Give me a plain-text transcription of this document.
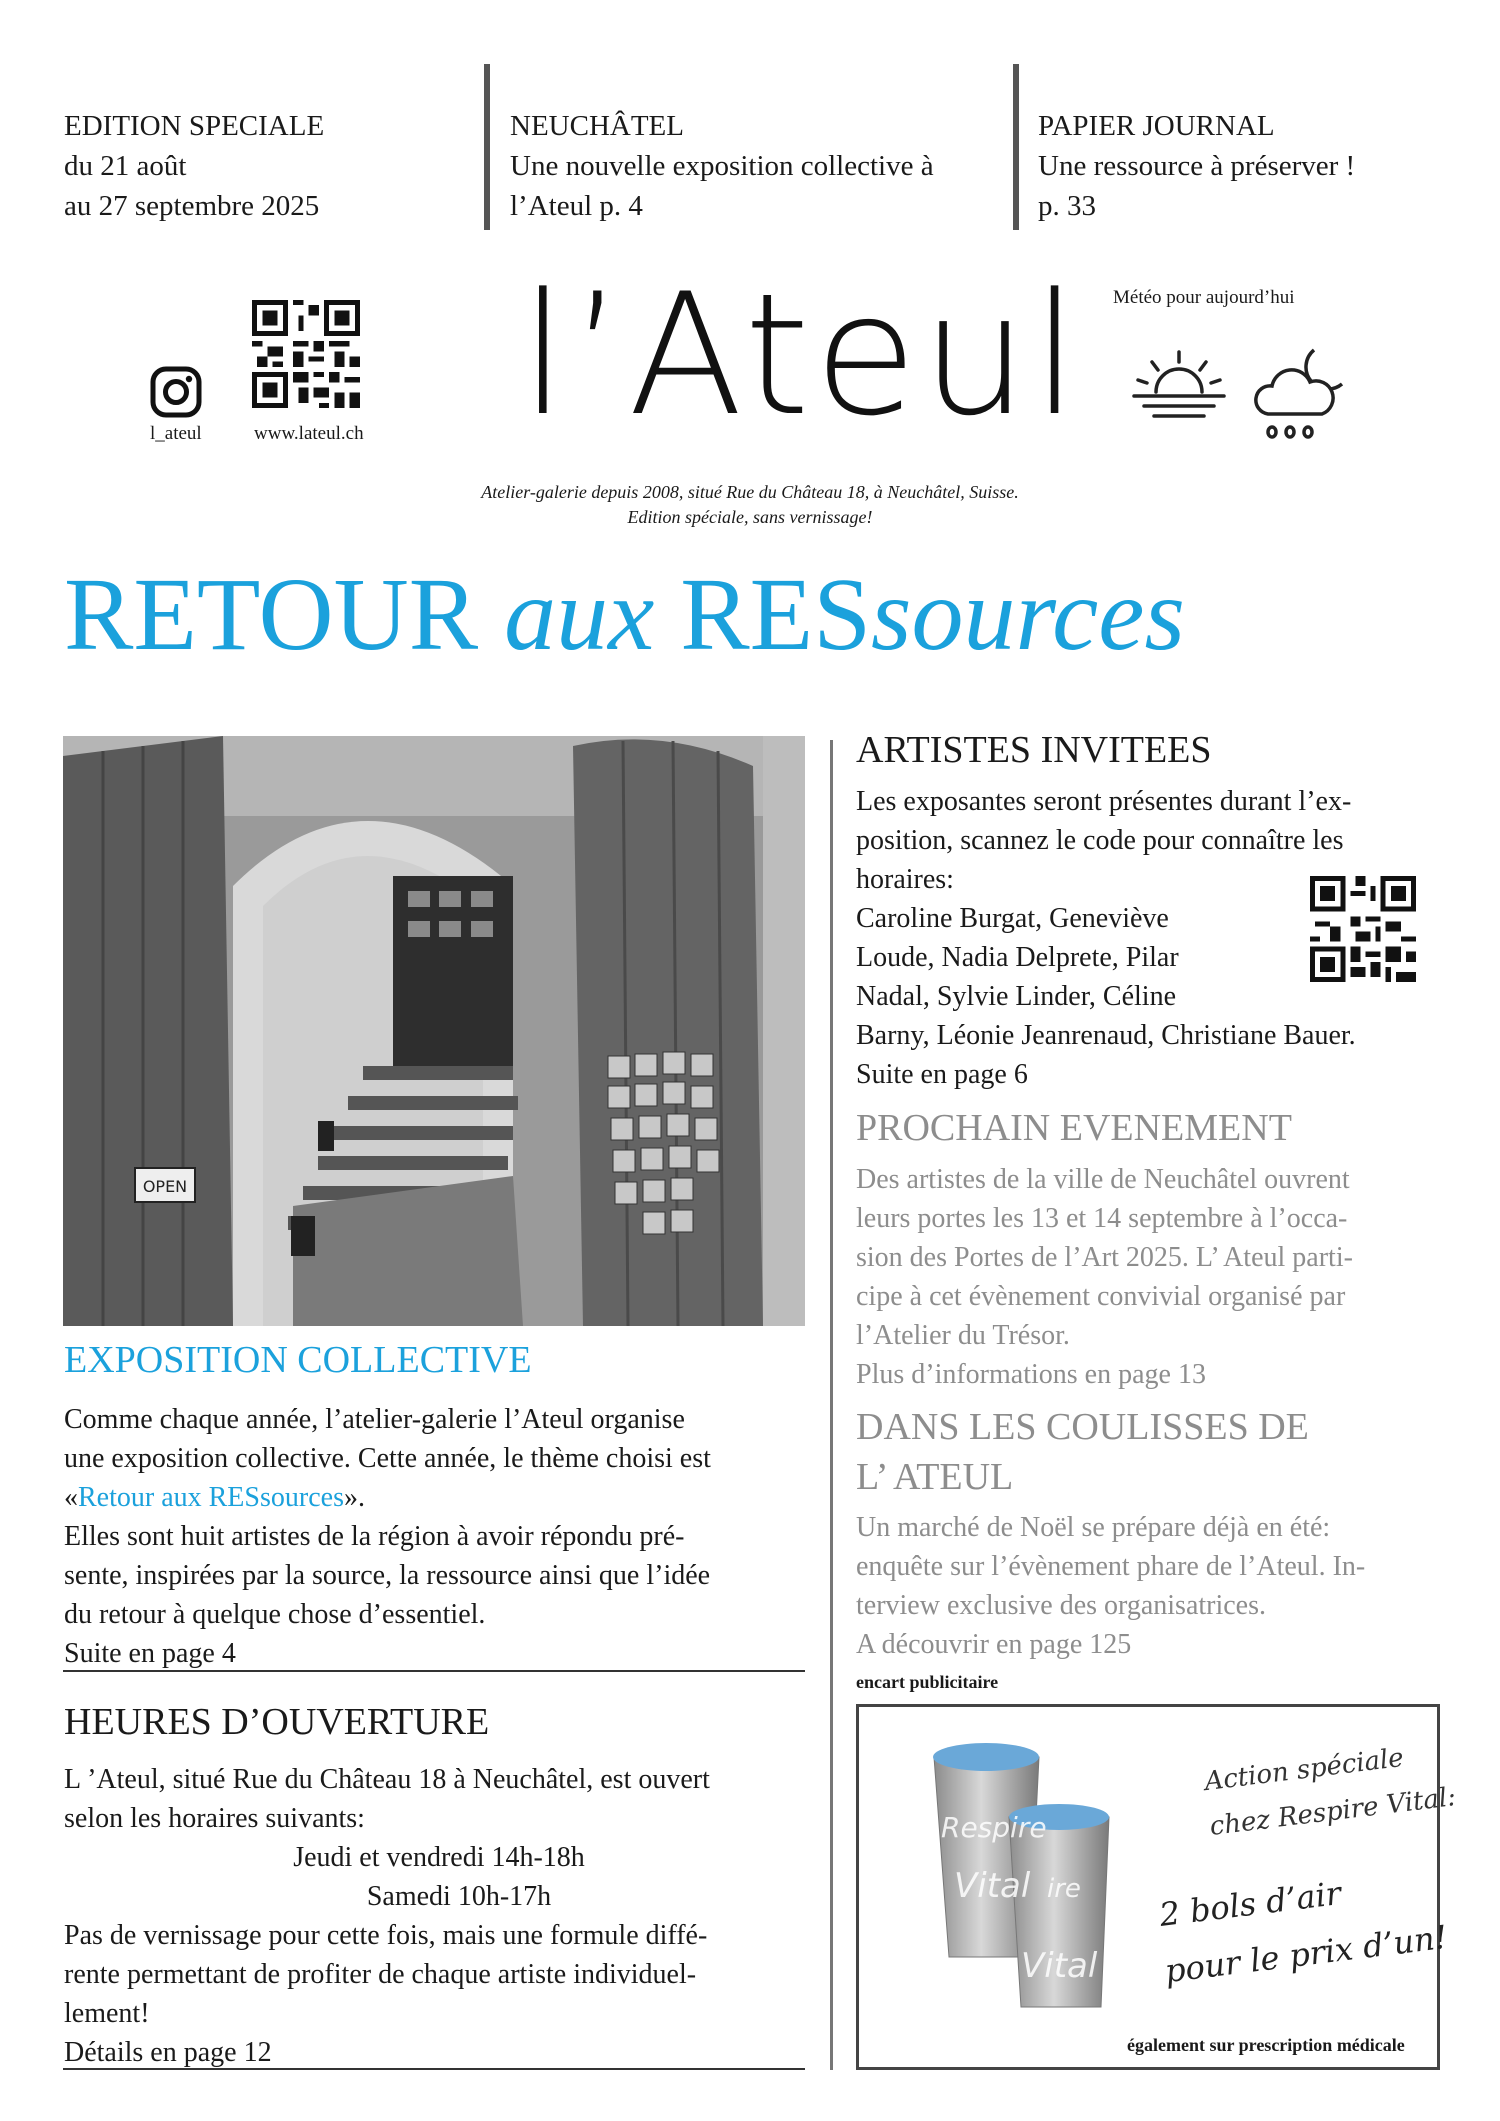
EDITION SPECIALE
du 21 août
au 27 septembre 2025
NEUCHÂTEL
Une nouvelle exposition collective à
l’Ateul p. 4
PAPIER JOURNAL
Une ressource à préserver !
p. 33
l_ateul	www.lateul.ch l’Ateul Météo pour aujourd’hui
Atelier-galerie depuis 2008, situé Rue du Château 18, à Neuchâtel, Suisse.
Edition spéciale, sans vernissage!
RETOUR aux RESsources
OPEN
EXPOSITION COLLECTIVE
Comme chaque année, l’atelier-galerie l’Ateul organise
une exposition collective. Cette année, le thème choisi est
«Retour aux RESsources».
Elles sont huit artistes de la région à avoir répondu pré-
sente, inspirées par la source, la ressource ainsi que l’idée
du retour à quelque chose d’essentiel.
Suite en page 4
HEURES D’OUVERTURE
L ’Ateul, situé Rue du Château 18 à Neuchâtel, est ouvert
selon les horaires suivants:
Jeudi et vendredi 14h-18h
Samedi 10h-17h
Pas de vernissage pour cette fois, mais une formule diffé-
rente permettant de profiter de chaque artiste individuel-
lement!
Détails en page 12
ARTISTES INVITEES
Les exposantes seront présentes durant l’ex-
position, scannez le code pour connaître les
horaires:
Caroline Burgat, Geneviève
Loude, Nadia Delprete, Pilar
Nadal, Sylvie Linder, Céline
Barny, Léonie Jeanrenaud, Christiane Bauer.
Suite en page 6
PROCHAIN EVENEMENT
Des artistes de la ville de Neuchâtel ouvrent
leurs portes les 13 et 14 septembre à l’occa-
sion des Portes de l’Art 2025. L’ Ateul parti-
cipe à cet évènement convivial organisé par
l’Atelier du Trésor.
Plus d’informations en page 13
DANS LES COULISSES DE
L’ ATEUL
Un marché de Noël se prépare déjà en été:
enquête sur l’évènement phare de l’Ateul. In-
terview exclusive des organisatrices.
A découvrir en page 125
encart publicitaire
Respire
Vital ire
Vital
Action spéciale
chez Respire Vital:
2 bols d’air
pour le prix d’un!
également sur prescription médicale
